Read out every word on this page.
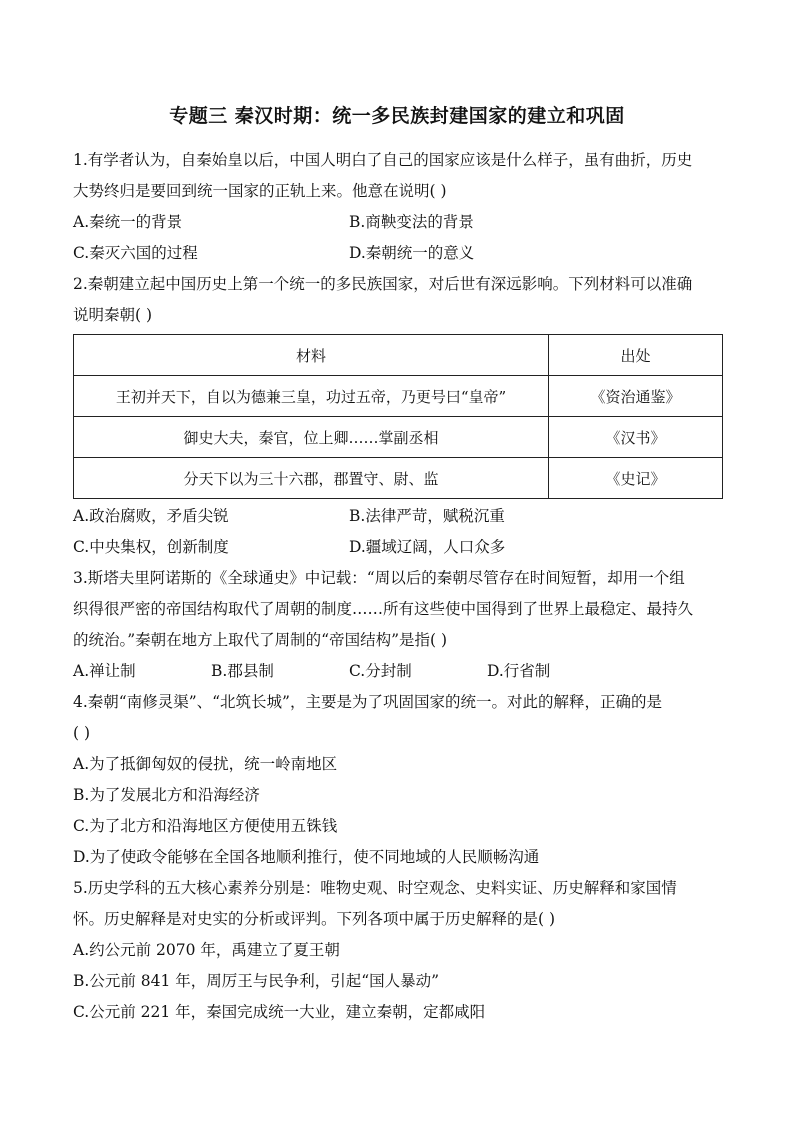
专题三 秦汉时期：统一多民族封建国家的建立和巩固
1.有学者认为，自秦始皇以后，中国人明白了自己的国家应该是什么样子，虽有曲折，历史
大势终归是要回到统一国家的正轨上来。他意在说明( )
A.秦统一的背景	B.商鞅变法的背景
C.秦灭六国的过程	D.秦朝统一的意义
2.秦朝建立起中国历史上第一个统一的多民族国家，对后世有深远影响。下列材料可以准确
说明秦朝( )
材料	出处
王初并天下，自以为德兼三皇，功过五帝，乃更号曰“皇帝”	《资治通鉴》
御史大夫，秦官，位上卿……掌副丞相	《汉书》
分天下以为三十六郡，郡置守、尉、监	《史记》
A.政治腐败，矛盾尖锐	B.法律严苛，赋税沉重
C.中央集权，创新制度	D.疆域辽阔，人口众多
3.斯塔夫里阿诺斯的《全球通史》中记载：“周以后的秦朝尽管存在时间短暂，却用一个组
织得很严密的帝国结构取代了周朝的制度……所有这些使中国得到了世界上最稳定、最持久
的统治。”秦朝在地方上取代了周制的“帝国结构”是指( )
A.禅让制	B.郡县制	C.分封制	D.行省制
4.秦朝“南修灵渠”、“北筑长城”，主要是为了巩固国家的统一。对此的解释，正确的是
( )
A.为了抵御匈奴的侵扰，统一岭南地区
B.为了发展北方和沿海经济
C.为了北方和沿海地区方便使用五铢钱
D.为了使政令能够在全国各地顺利推行，使不同地域的人民顺畅沟通
5.历史学科的五大核心素养分别是：唯物史观、时空观念、史料实证、历史解释和家国情
怀。历史解释是对史实的分析或评判。下列各项中属于历史解释的是( )
A.约公元前 2070 年，禹建立了夏王朝
B.公元前 841 年，周厉王与民争利，引起“国人暴动”
C.公元前 221 年，秦国完成统一大业，建立秦朝，定都咸阳
